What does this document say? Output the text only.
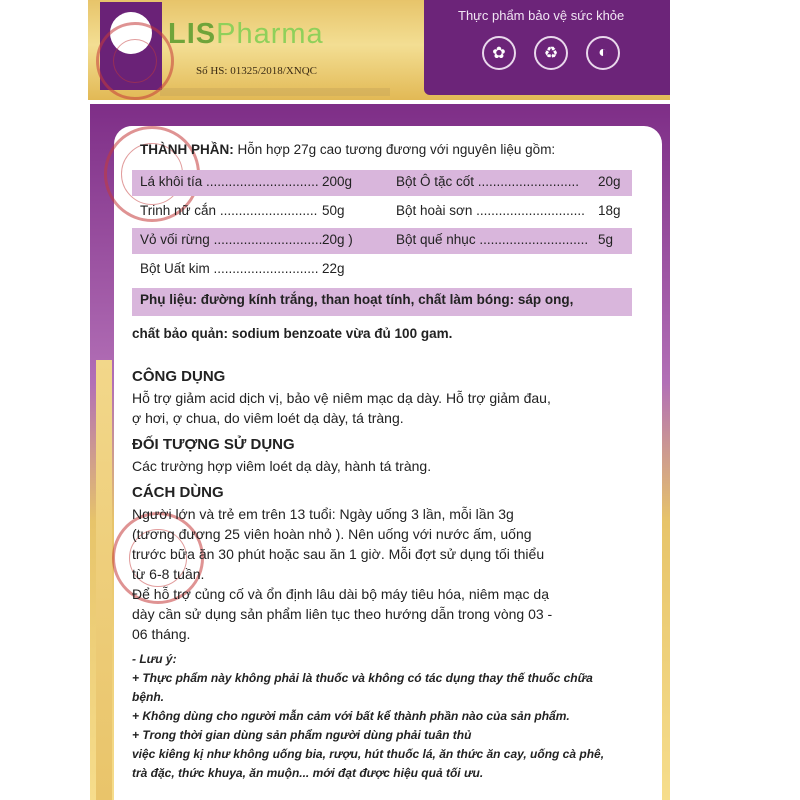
LISPharma
Số HS: 01325/2018/XNQC
Thực phẩm bảo vệ sức khỏe
✿	♻	◐
THÀNH PHẦN: Hỗn hợp 27g cao tương đương với nguyên liệu gồm:
Lá khôi tía .............................. 200g	Bột Ô tặc cốt ........................... 20g
Trinh nữ cắn .......................... 50g	Bột hoài sơn ............................. 18g
Vỏ vối rừng ............................. 20g )	Bột quế nhục ............................. 5g
Bột Uất kim ............................ 22g
Phụ liệu: đường kính trắng, than hoạt tính, chất làm bóng: sáp ong,
chất bảo quản: sodium benzoate vừa đủ 100 gam.
CÔNG DỤNG
Hỗ trợ giảm acid dịch vị, bảo vệ niêm mạc dạ dày. Hỗ trợ giảm đau,
ợ hơi, ợ chua, do viêm loét dạ dày, tá tràng.
ĐỐI TƯỢNG SỬ DỤNG
Các trường hợp viêm loét dạ dày, hành tá tràng.
CÁCH DÙNG
Người lớn và trẻ em trên 13 tuổi: Ngày uống 3 lần, mỗi lần 3g
(tương đương 25 viên hoàn nhỏ ). Nên uống với nước ấm, uống
trước bữa ăn 30 phút hoặc sau ăn 1 giờ. Mỗi đợt sử dụng tối thiểu
từ 6-8 tuần.
Để hỗ trợ củng cố và ổn định lâu dài bộ máy tiêu hóa, niêm mạc dạ
dày cần sử dụng sản phẩm liên tục theo hướng dẫn trong vòng 03 -
06 tháng.
- Lưu ý:
+ Thực phẩm này không phải là thuốc và không có tác dụng thay thế thuốc chữa
bệnh.
+ Không dùng cho người mẫn cảm với bất kể thành phần nào của sản phẩm.
+ Trong thời gian dùng sản phẩm người dùng phải tuân thủ
việc kiêng kị như không uống bia, rượu, hút thuốc lá, ăn thức ăn cay, uống cà phê,
trà đặc, thức khuya, ăn muộn... mới đạt được hiệu quả tối ưu.
